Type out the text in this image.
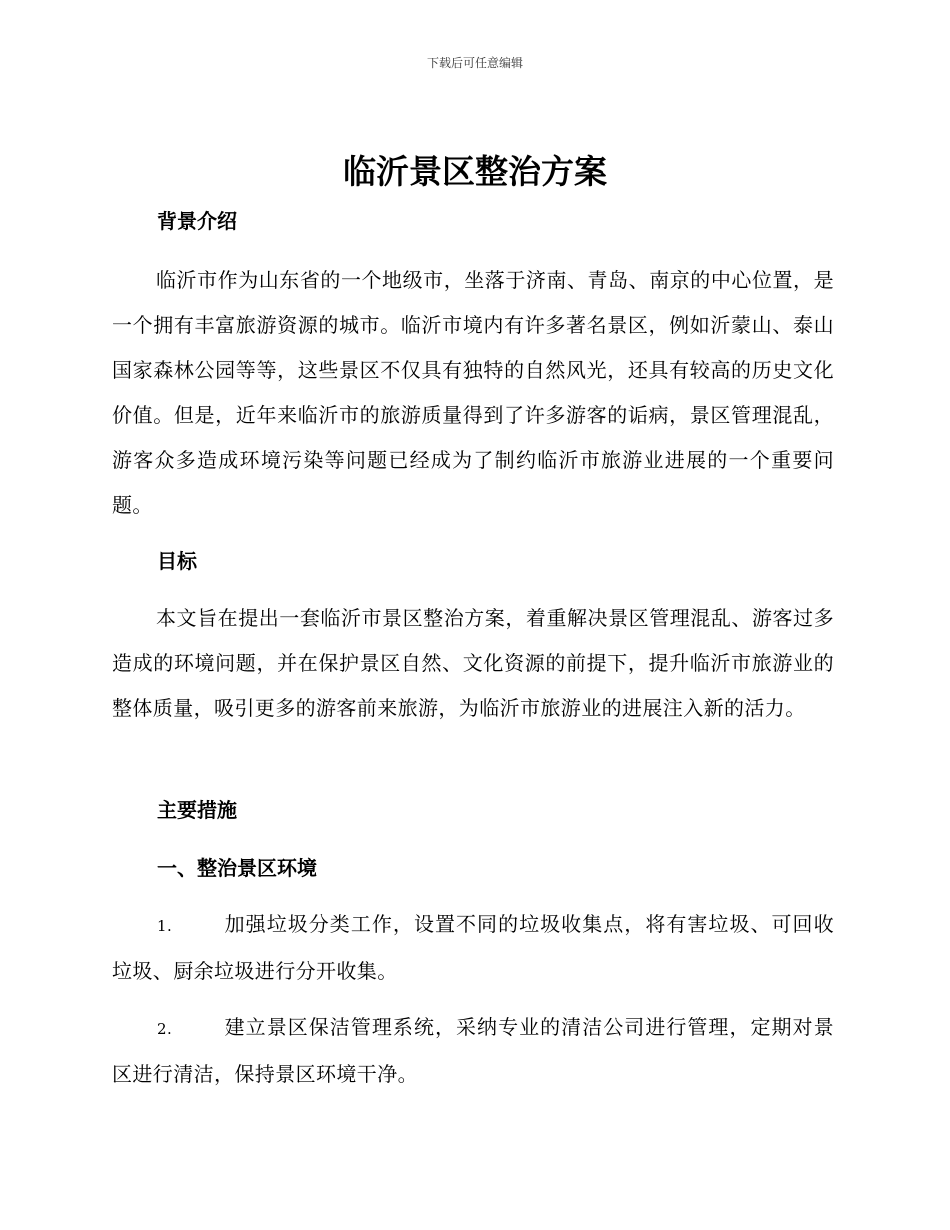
下载后可任意编辑
临沂景区整治方案
背景介绍

临沂市作为山东省的一个地级市，坐落于济南、青岛、南京的中心位置，是一个拥有丰富旅游资源的城市。临沂市境内有许多著名景区，例如沂蒙山、泰山国家森林公园等等，这些景区不仅具有独特的自然风光，还具有较高的历史文化价值。但是，近年来临沂市的旅游质量得到了许多游客的诟病，景区管理混乱，游客众多造成环境污染等问题已经成为了制约临沂市旅游业进展的一个重要问题。

目标

本文旨在提出一套临沂市景区整治方案，着重解决景区管理混乱、游客过多造成的环境问题，并在保护景区自然、文化资源的前提下，提升临沂市旅游业的整体质量，吸引更多的游客前来旅游，为临沂市旅游业的进展注入新的活力。

主要措施
一、整治景区环境

1.	加强垃圾分类工作，设置不同的垃圾收集点，将有害垃圾、可回收垃圾、厨余垃圾进行分开收集。

2.	建立景区保洁管理系统，采纳专业的清洁公司进行管理，定期对景区进行清洁，保持景区环境干净。
